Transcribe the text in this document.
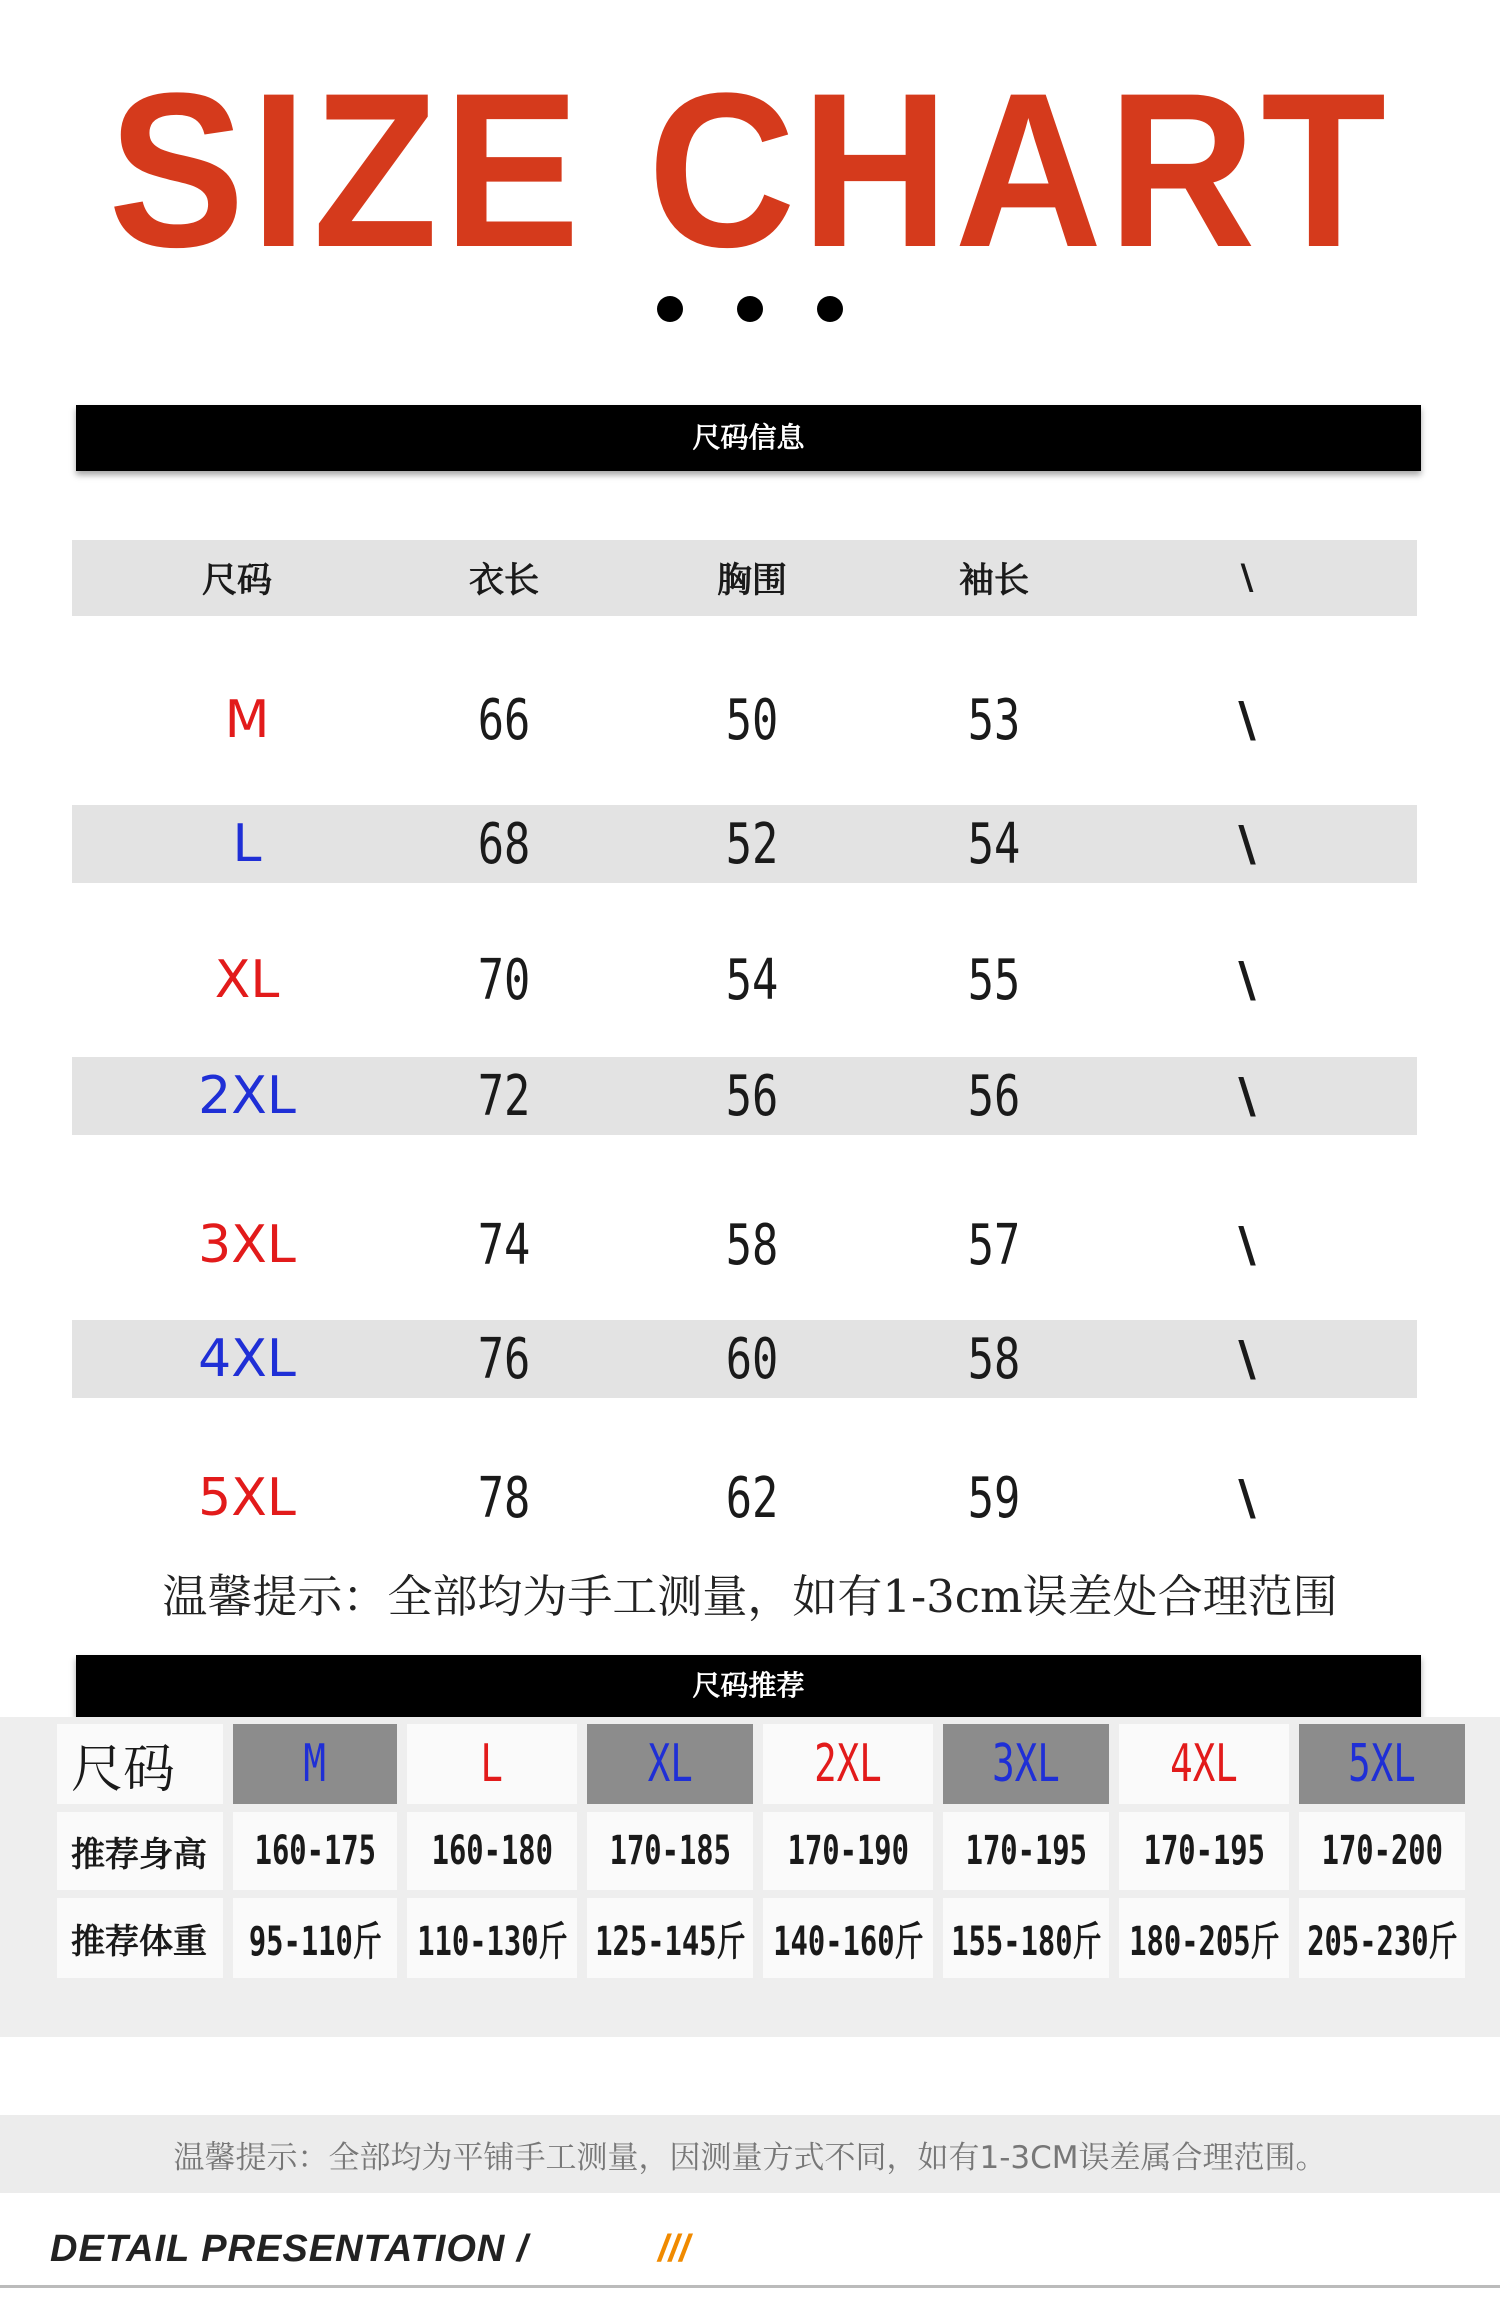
SIZE CHART
尺码信息
尺码	衣长	胸围	袖长	\
M	66	50	53	\
L	68	52	54	\
XL	70	54	55	\
2XL	72	56	56	\
3XL	74	58	57	\
4XL	76	60	58	\
5XL	78	62	59	\
温馨提示：全部均为手工测量，如有1-3cm误差处合理范围
尺码推荐
尺码	M	L	XL 2XL 3XL 4XL 5XL
推荐身高	160-175 160-180 170-185 170-190 170-195 170-195 170-200
推荐体重	95-110斤 110-130斤 125-145斤 140-160斤 155-180斤 180-205斤 205-230斤
温馨提示：全部均为平铺手工测量，因测量方式不同，如有1-3CM误差属合理范围。
DETAIL PRESENTATION /	///
